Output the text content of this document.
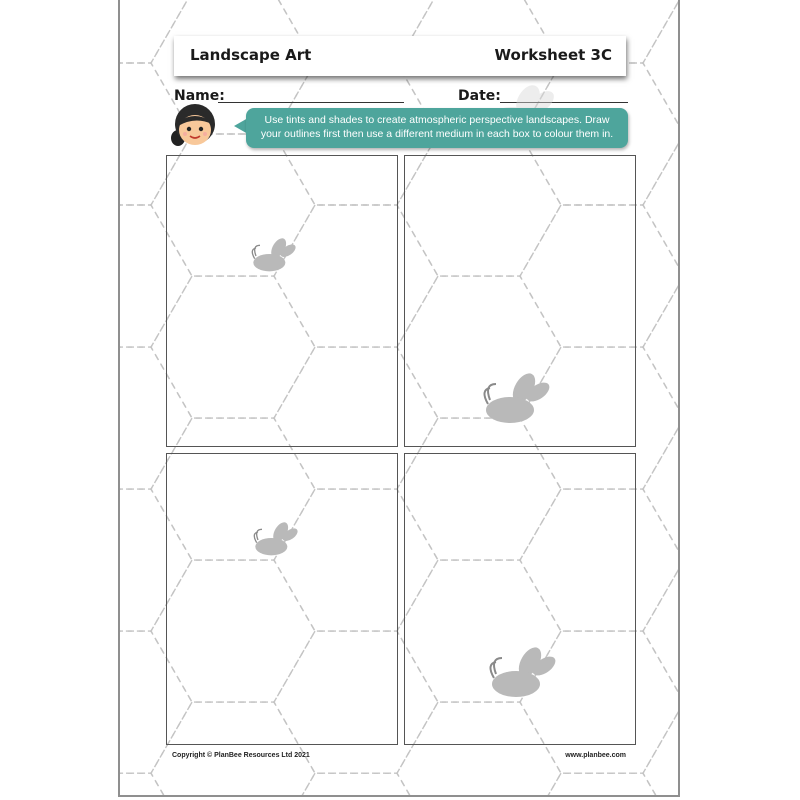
Landscape Art	Worksheet 3C
Name:	Date:
Use tints and shades to create atmospheric perspective landscapes. Draw your outlines first then use a different medium in each box to colour them in.
Copyright © PlanBee Resources Ltd 2021	www.planbee.com
